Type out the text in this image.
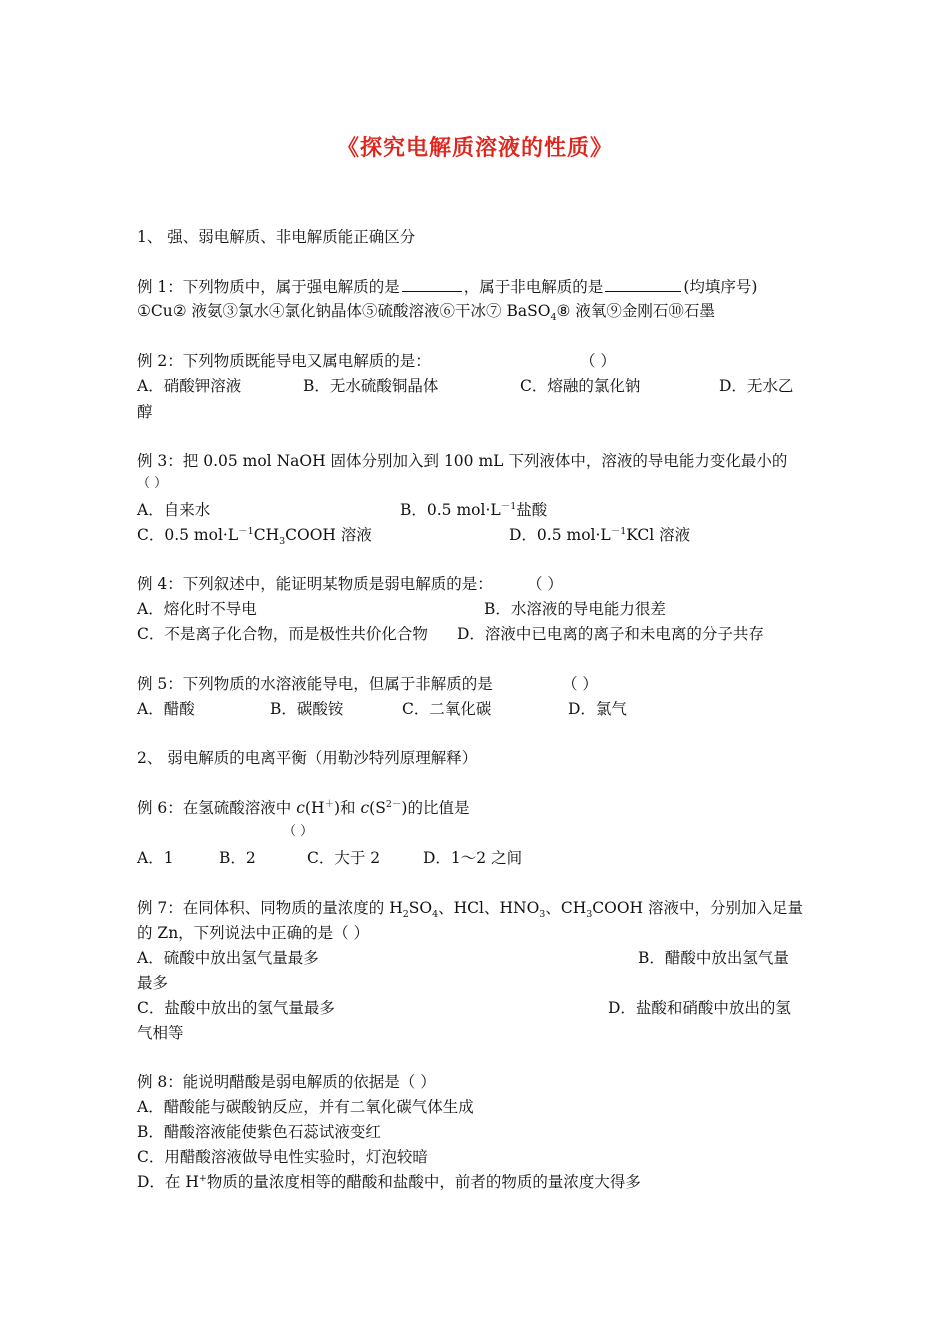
《探究电解质溶液的性质》
1、 强、弱电解质、非电解质能正确区分
例 1：下列物质中，属于强电解质的是	，属于非电解质的是	(均填序号)
①Cu② 液氨③氯水④氯化钠晶体⑤硫酸溶液⑥干冰⑦ BaSO$_4$⑧ 液氧⑨金刚石⑩石墨
例 2：下列物质既能导电又属电解质的是：	（ ）
A．硝酸钾溶液	B．无水硫酸铜晶体	C．熔融的氯化钠	D．无水乙
醇
例 3：把 0.05 mol NaOH 固体分别加入到 100 mL 下列液体中，溶液的导电能力变化最小的
（ ）
A．自来水	B．0.5 $mol\cdot L^{-1}$盐酸
C．0.5 $mol\cdot L^{-1}CH_3COOH$ 溶液	D．0.5 $mol\cdot L^{-1}KCl$ 溶液
例 4：下列叙述中，能证明某物质是弱电解质的是： （ ）
A．熔化时不导电	B．水溶液的导电能力很差
C．不是离子化合物，而是极性共价化合物 D．溶液中已电离的离子和未电离的分子共存
例 5：下列物质的水溶液能导电，但属于非解质的是	（ ）
A．醋酸	B．碳酸铵	C．二氧化碳	D．氯气
2、 弱电解质的电离平衡（用勒沙特列原理解释）
例 6：在氢硫酸溶液中 c(H＋)和 $c(S^{2-})$的比值是
（ ）
A．1	B．2	C．大于 2	D．1～2 之间
例 7：在同体积、同物质的量浓度的 $H_2SO_4$、HCl、$HNO_3$、$CH_3COOH$ 溶液中，分别加入足量
的 Zn，下列说法中正确的是（ ）
A．硫酸中放出氢气量最多	B．醋酸中放出氢气量
最多
C．盐酸中放出的氢气量最多	D．盐酸和硝酸中放出的氢
气相等
例 8：能说明醋酸是弱电解质的依据是（ ）
A．醋酸能与碳酸钠反应，并有二氧化碳气体生成
B．醋酸溶液能使紫色石蕊试液变红
C．用醋酸溶液做导电性实验时，灯泡较暗
D．在 H+物质的量浓度相等的醋酸和盐酸中，前者的物质的量浓度大得多
